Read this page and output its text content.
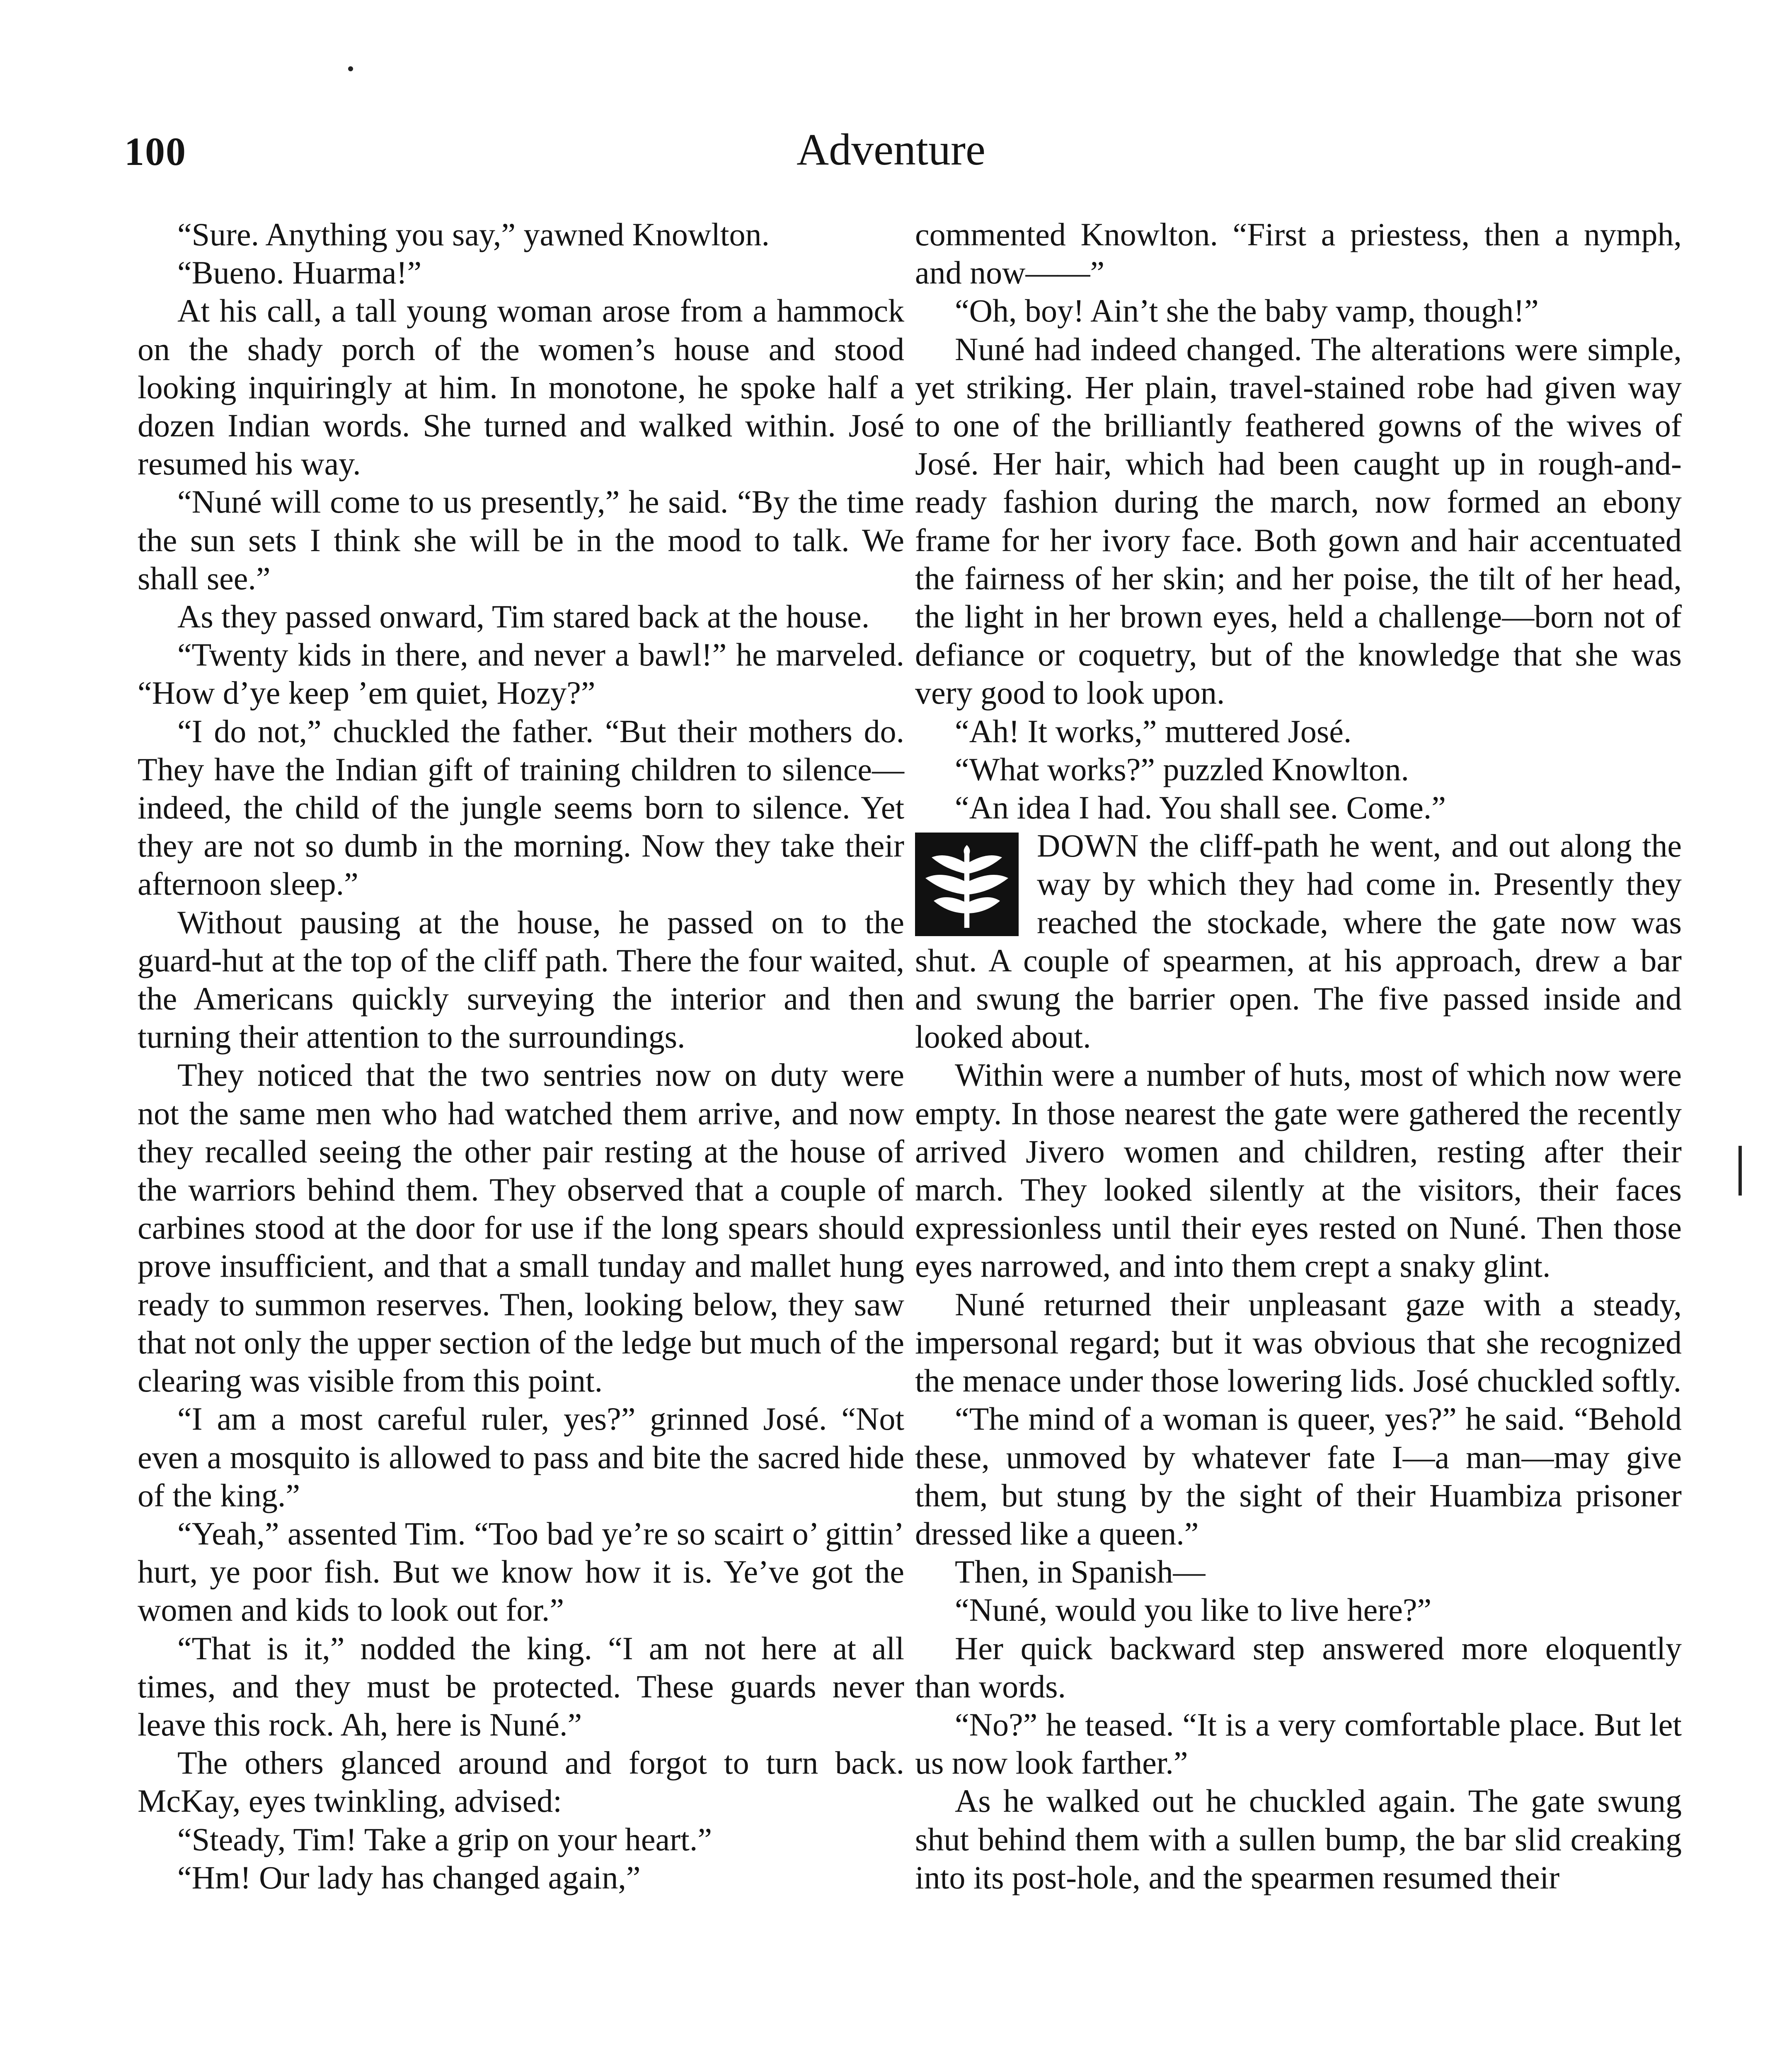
100	Adventure

“Sure. Anything you say,” yawned Knowlton.

“Bueno. Huarma!”

At his call, a tall young woman arose from a hammock on the shady porch of the women’s house and stood looking inquiringly at him. In monotone, he spoke half a dozen Indian words. She turned and walked within. José resumed his way.

“Nuné will come to us presently,” he said. “By the time the sun sets I think she will be in the mood to talk. We shall see.”

As they passed onward, Tim stared back at the house.

“Twenty kids in there, and never a bawl!” he marveled. “How d’ye keep ’em quiet, Hozy?”

“I do not,” chuckled the father. “But their mothers do. They have the Indian gift of training children to silence—indeed, the child of the jungle seems born to silence. Yet they are not so dumb in the morning. Now they take their afternoon sleep.”

Without pausing at the house, he passed on to the guard-hut at the top of the cliff path. There the four waited, the Americans quickly surveying the interior and then turning their attention to the surroundings.

They noticed that the two sentries now on duty were not the same men who had watched them arrive, and now they recalled seeing the other pair resting at the house of the warriors behind them. They observed that a couple of carbines stood at the door for use if the long spears should prove insufficient, and that a small tunday and mallet hung ready to summon reserves. Then, looking below, they saw that not only the upper section of the ledge but much of the clearing was visible from this point.

“I am a most careful ruler, yes?” grinned José. “Not even a mosquito is allowed to pass and bite the sacred hide of the king.”

“Yeah,” assented Tim. “Too bad ye’re so scairt o’ gittin’ hurt, ye poor fish. But we know how it is. Ye’ve got the women and kids to look out for.”

“That is it,” nodded the king. “I am not here at all times, and they must be protected. These guards never leave this rock. Ah, here is Nuné.”

The others glanced around and forgot to turn back. McKay, eyes twinkling, advised:

“Steady, Tim! Take a grip on your heart.”

“Hm! Our lady has changed again,”

commented Knowlton. “First a priestess, then a nymph, and now——”

“Oh, boy! Ain’t she the baby vamp, though!”

Nuné had indeed changed. The alterations were simple, yet striking. Her plain, travel-stained robe had given way to one of the brilliantly feathered gowns of the wives of José. Her hair, which had been caught up in rough-and-ready fashion during the march, now formed an ebony frame for her ivory face. Both gown and hair accentuated the fairness of her skin; and her poise, the tilt of her head, the light in her brown eyes, held a challenge—born not of defiance or coquetry, but of the knowledge that she was very good to look upon.

“Ah! It works,” muttered José.

“What works?” puzzled Knowlton.

“An idea I had. You shall see. Come.”

DOWN the cliff-path he went, and out along the way by which they had come in. Presently they reached the stockade, where the gate now was shut. A couple of spearmen, at his approach, drew a bar and swung the barrier open. The five passed inside and looked about.

Within were a number of huts, most of which now were empty. In those nearest the gate were gathered the recently arrived Jivero women and children, resting after their march. They looked silently at the visitors, their faces expressionless until their eyes rested on Nuné. Then those eyes narrowed, and into them crept a snaky glint.

Nuné returned their unpleasant gaze with a steady, impersonal regard; but it was obvious that she recognized the menace under those lowering lids. José chuckled softly.

“The mind of a woman is queer, yes?” he said. “Behold these, unmoved by whatever fate I—a man—may give them, but stung by the sight of their Huambiza prisoner dressed like a queen.”

Then, in Spanish—

“Nuné, would you like to live here?”

Her quick backward step answered more eloquently than words.

“No?” he teased. “It is a very comfortable place. But let us now look farther.”

As he walked out he chuckled again. The gate swung shut behind them with a sullen bump, the bar slid creaking into its post-hole, and the spearmen resumed their
